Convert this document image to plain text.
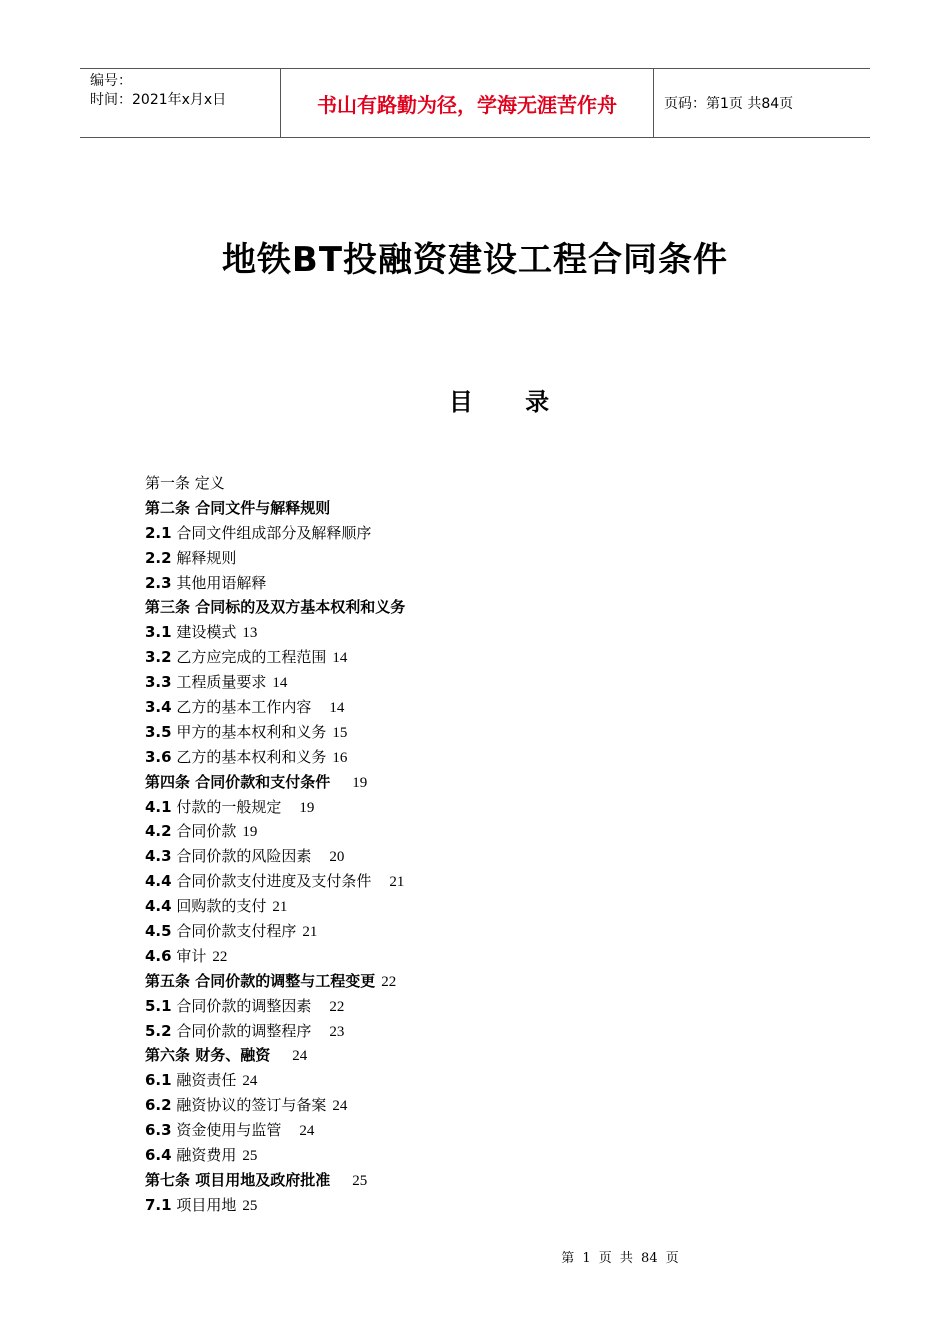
编号：
时间：2021年x月x日	书山有路勤为径，学海无涯苦作舟	页码：第1页 共84页
地铁BT投融资建设工程合同条件
目 录
第一条 定义
第二条 合同文件与解释规则
2.1 合同文件组成部分及解释顺序
2.2 解释规则
2.3 其他用语解释
第三条 合同标的及双方基本权利和义务
3.1 建设模式 13
3.2 乙方应完成的工程范围 14
3.3 工程质量要求 14
3.4 乙方的基本工作内容 14
3.5 甲方的基本权利和义务 15
3.6 乙方的基本权利和义务 16
第四条 合同价款和支付条件 19
4.1 付款的一般规定 19
4.2 合同价款 19
4.3 合同价款的风险因素 20
4.4 合同价款支付进度及支付条件 21
4.4 回购款的支付 21
4.5 合同价款支付程序 21
4.6 审计 22
第五条 合同价款的调整与工程变更 22
5.1 合同价款的调整因素 22
5.2 合同价款的调整程序 23
第六条 财务、融资 24
6.1 融资责任 24
6.2 融资协议的签订与备案 24
6.3 资金使用与监管 24
6.4 融资费用 25
第七条 项目用地及政府批准 25
7.1 项目用地 25
第 1 页 共 84 页
